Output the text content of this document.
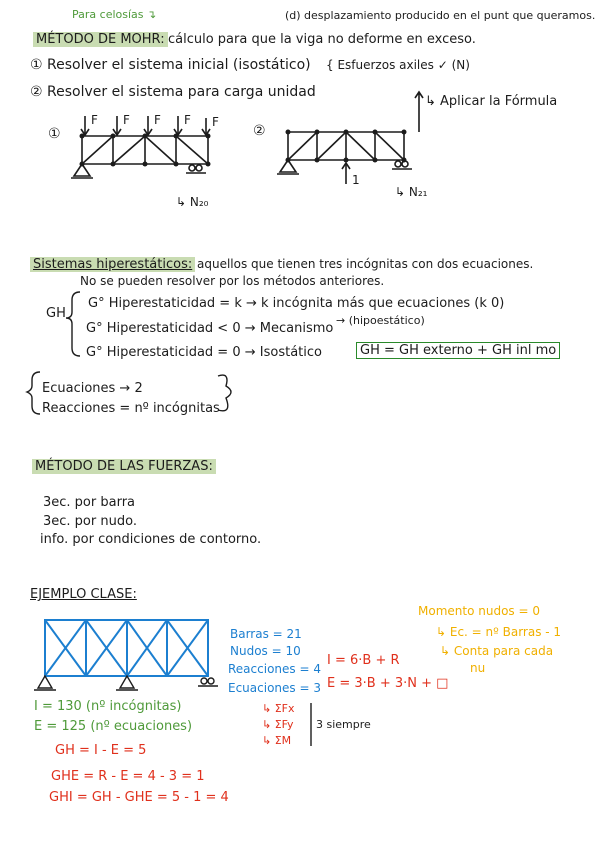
Para celosías ↴	(d) desplazamiento producido en el punt que queramos.
MÉTODO DE MOHR: cálculo para que la viga no deforme en exceso.
① Resolver el sistema inicial (isostático) { Esfuerzos axiles ✓ (N)
② Resolver el sistema para carga unidad
↳ Aplicar la Fórmula
①
F F F F F
↳ N₂₀
②
1
↳ N₂₁
Sistemas hiperestáticos: aquellos que tienen tres incógnitas con dos ecuaciones.
No se pueden resolver por los métodos anteriores.
GH
G° Hiperestaticidad = k → k incógnita más que ecuaciones (k 0)
→ (hipoestático)
G° Hiperestaticidad < 0 → Mecanismo
G° Hiperestaticidad = 0 → Isostático	GH = GH externo + GH inl mo
Ecuaciones → 2
Reacciones = nº incógnitas
MÉTODO DE LAS FUERZAS:
3ec. por barra
3ec. por nudo.
info. por condiciones de contorno.
EJEMPLO CLASE:
Barras = 21
Nudos = 10
Reacciones = 4
Ecuaciones = 3
I = 6·B + R
E = 3·B + 3·N + □
↳ ΣFx
↳ ΣFy
↳ ΣM
3 siempre
Momento nudos = 0
↳ Ec. = nº Barras - 1
↳ Conta para cada
nu
I = 130 (nº incógnitas)
E = 125 (nº ecuaciones)
GH = I - E = 5
GHE = R - E = 4 - 3 = 1
GHI = GH - GHE = 5 - 1 = 4
